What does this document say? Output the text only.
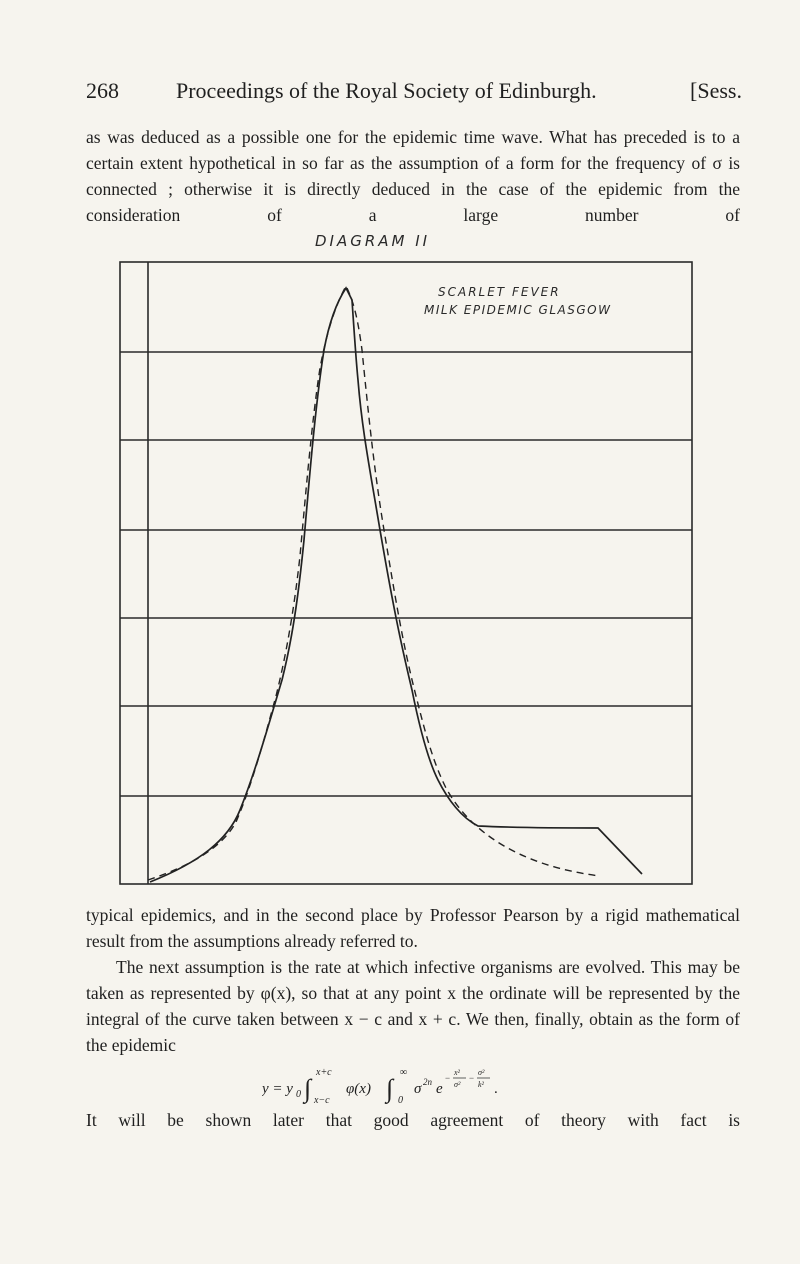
268	Proceedings of the Royal Society of Edinburgh.	[Sess.

as was deduced as a possible one for the epidemic time wave. What has preceded is to a certain extent hypothetical in so far as the assumption of a form for the frequency of σ is connected ; otherwise it is directly deduced in the case of the epidemic from the consideration of a large number of

DIAGRAM II
SCARLET FEVER
MILK EPIDEMIC GLASGOW

typical epidemics, and in the second place by Professor Pearson by a rigid mathematical result from the assumptions already referred to.

The next assumption is the rate at which infective organisms are evolved. This may be taken as represented by φ(x), so that at any point x the ordinate will be represented by the integral of the curve taken between x − c and x + c. We then, finally, obtain as the form of the epidemic

y = y 0 ∫
x+c
x−c
φ(x) ∫
∞
0
σ 2n e
−
x²
σ²
−
σ²
k² .
It will be shown later that good agreement of theory with fact is
